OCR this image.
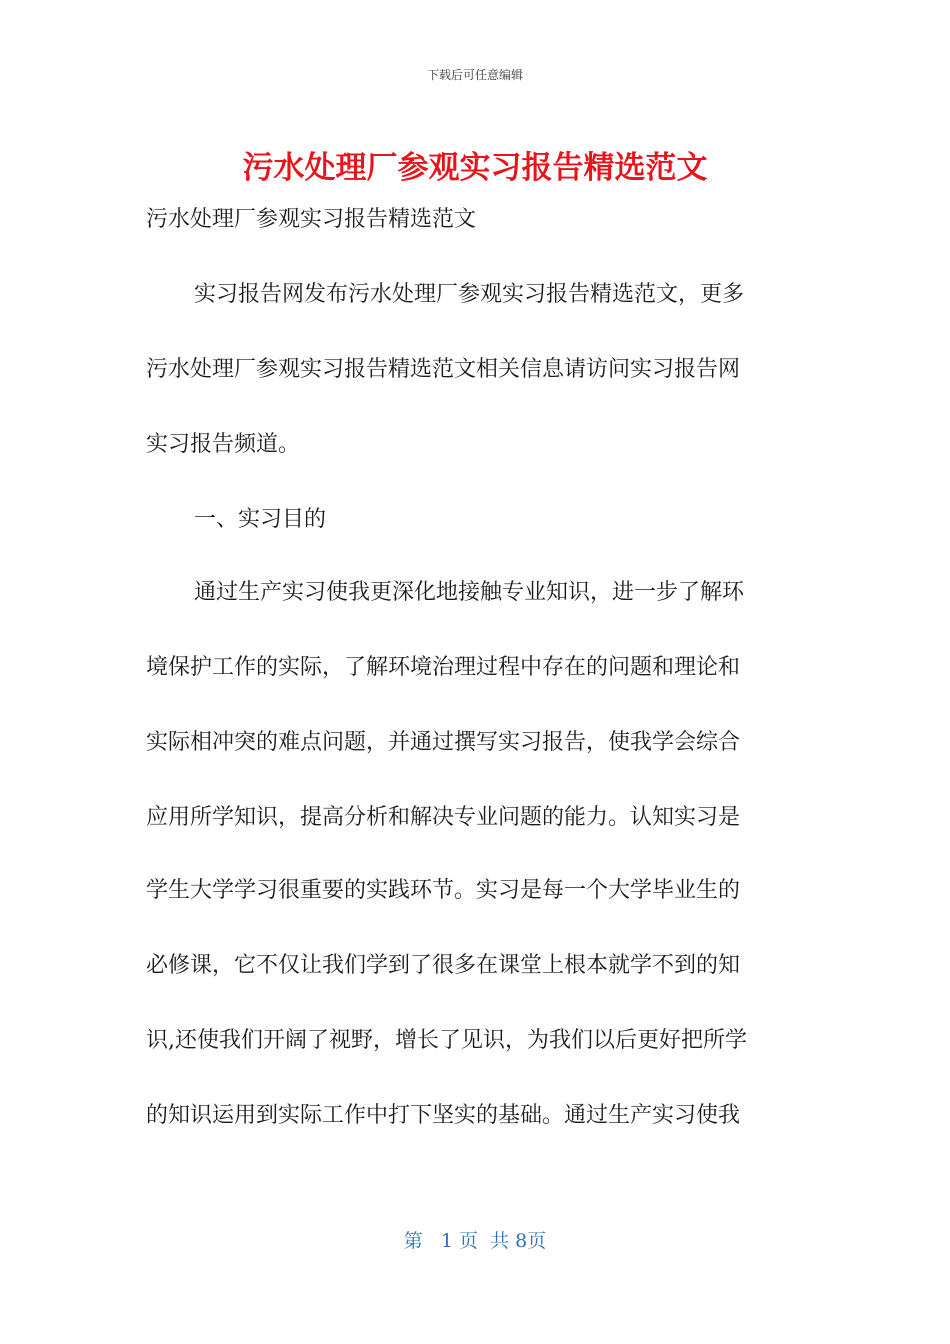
下载后可任意编辑
污水处理厂参观实习报告精选范文
污水处理厂参观实习报告精选范文
实习报告网发布污水处理厂参观实习报告精选范文，更多
污水处理厂参观实习报告精选范文相关信息请访问实习报告网
实习报告频道。
一、实习目的
通过生产实习使我更深化地接触专业知识，进一步了解环
境保护工作的实际，了解环境治理过程中存在的问题和理论和
实际相冲突的难点问题，并通过撰写实习报告，使我学会综合
应用所学知识，提高分析和解决专业问题的能力。认知实习是
学生大学学习很重要的实践环节。实习是每一个大学毕业生的
必修课，它不仅让我们学到了很多在课堂上根本就学不到的知
识,还使我们开阔了视野，增长了见识，为我们以后更好把所学
的知识运用到实际工作中打下坚实的基础。通过生产实习使我
第   1 页  共 8页
